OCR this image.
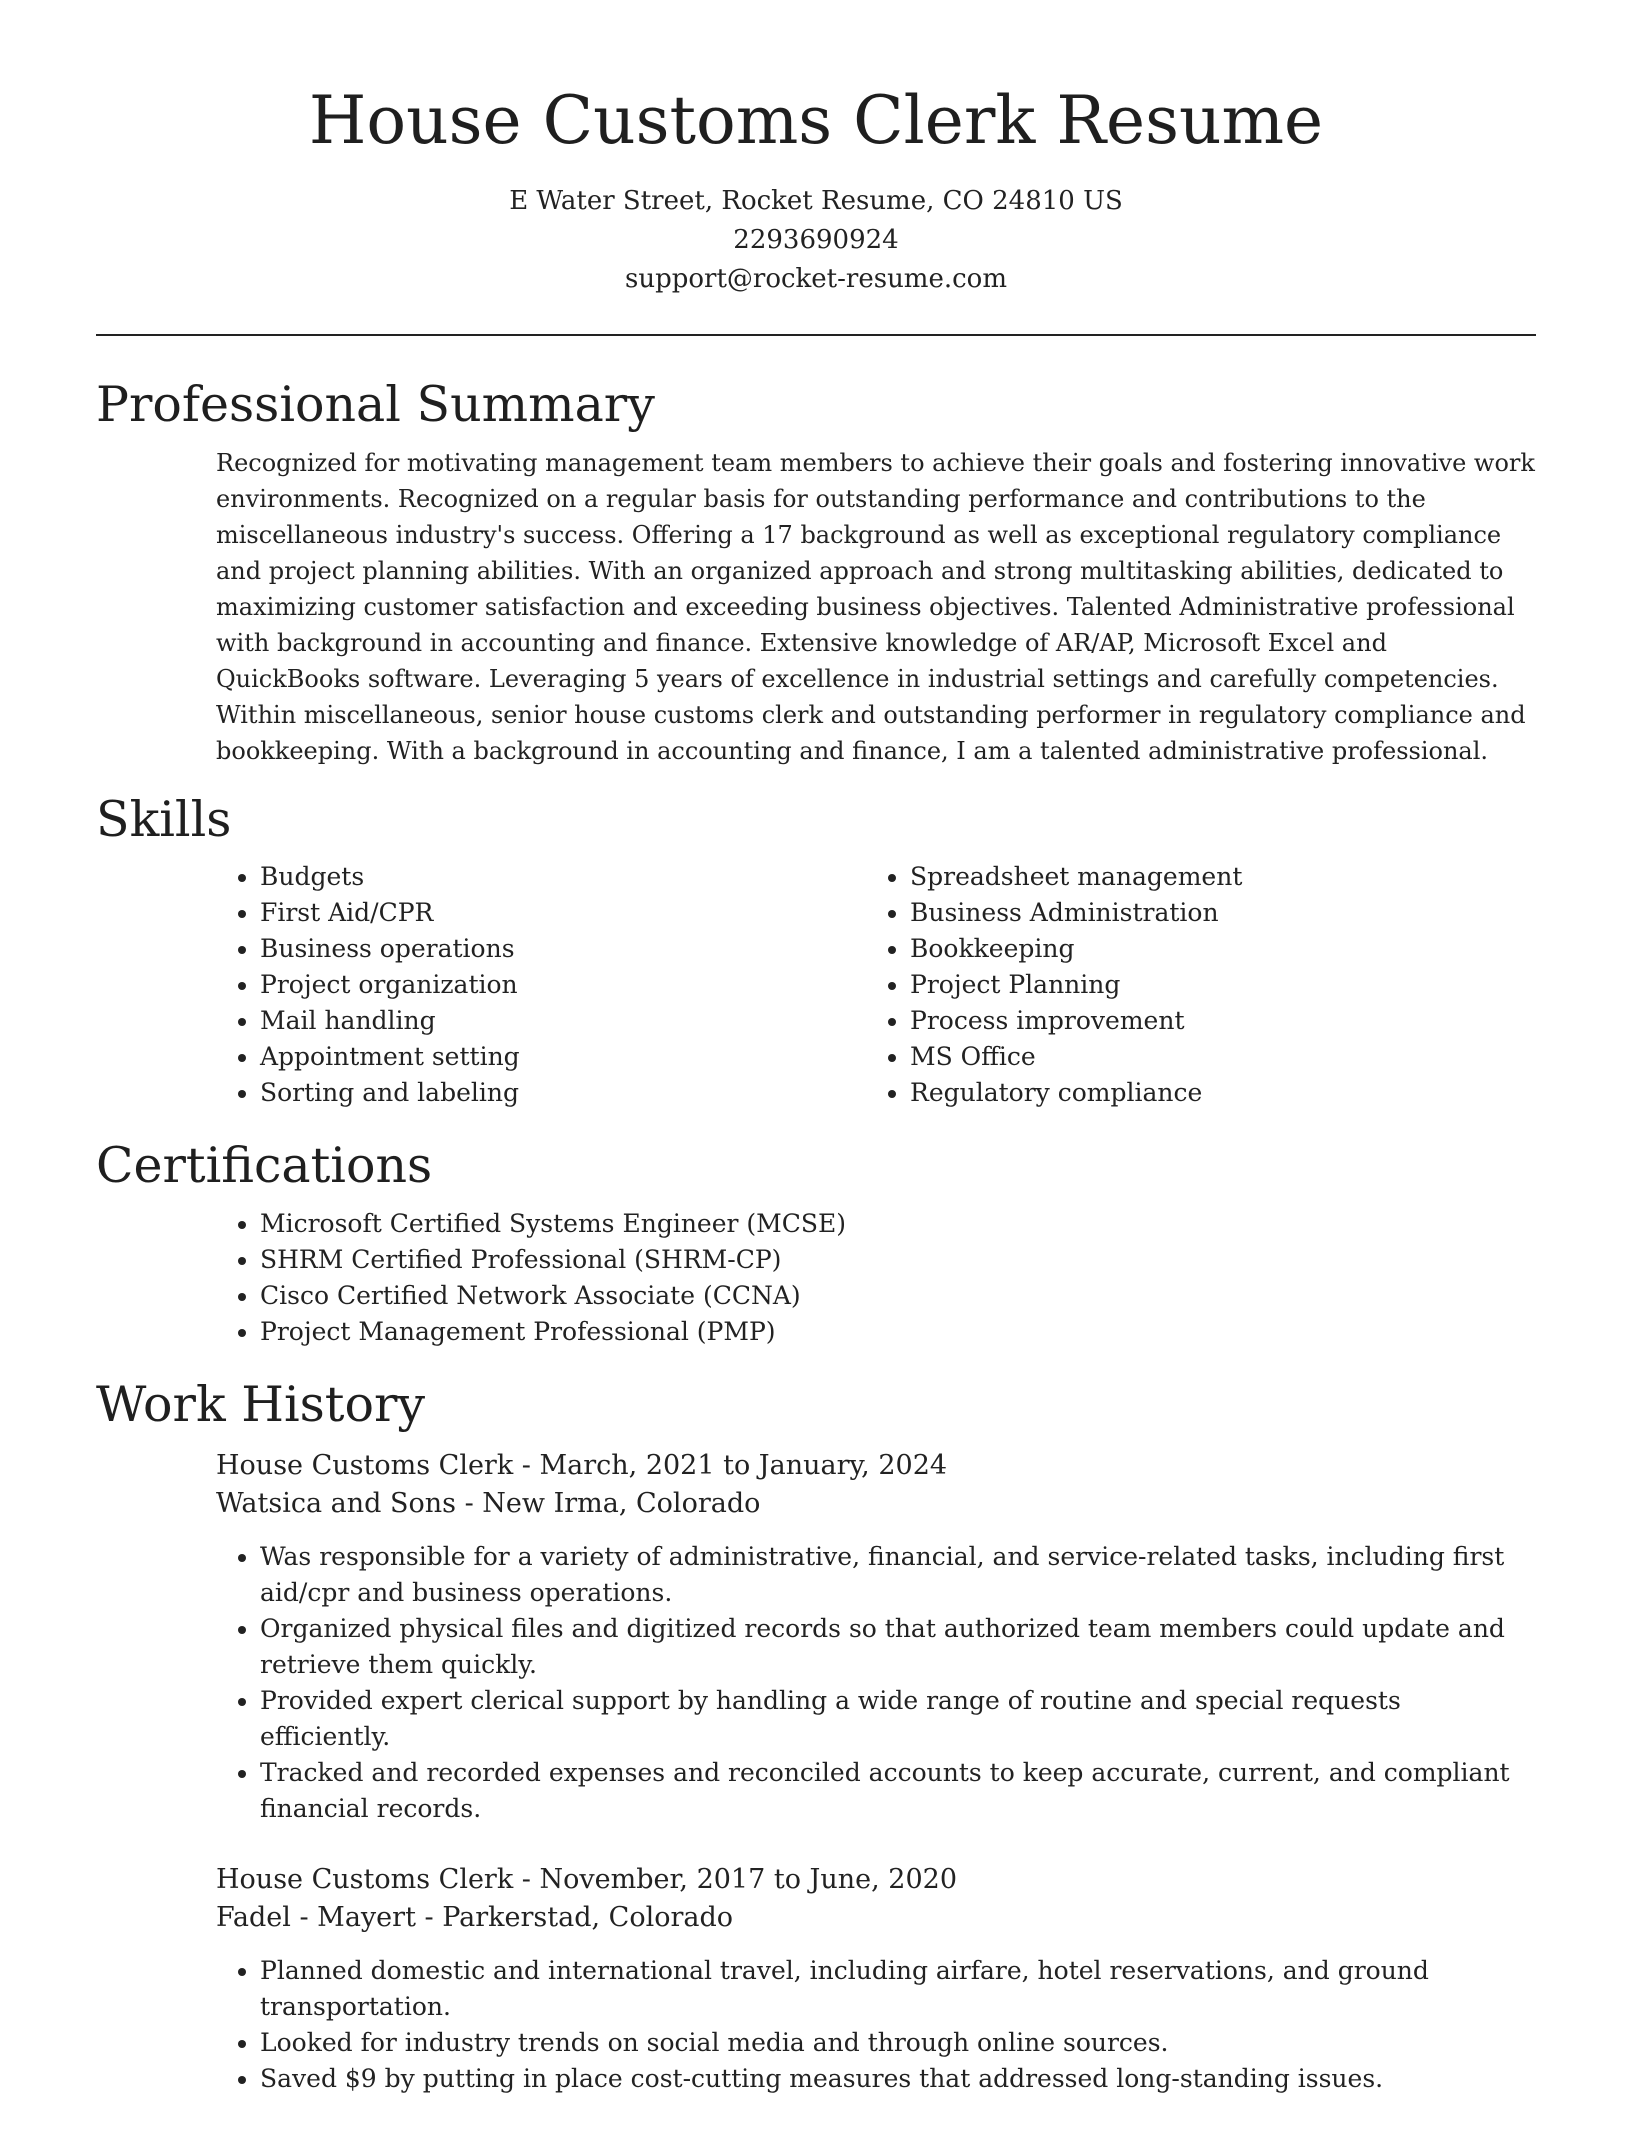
House Customs Clerk Resume
E Water Street, Rocket Resume, CO 24810 US
2293690924
support@rocket-resume.com
Professional Summary

Recognized for motivating management team members to achieve their goals and fostering innovative work environments. Recognized on a regular basis for outstanding performance and contributions to the miscellaneous industry's success. Offering a 17 background as well as exceptional regulatory compliance and project planning abilities. With an organized approach and strong multitasking abilities, dedicated to maximizing customer satisfaction and exceeding business objectives. Talented Administrative professional with background in accounting and finance. Extensive knowledge of AR/AP, Microsoft Excel and QuickBooks software. Leveraging 5 years of excellence in industrial settings and carefully competencies. Within miscellaneous, senior house customs clerk and outstanding performer in regulatory compliance and bookkeeping. With a background in accounting and finance, I am a talented administrative professional.

Skills
• Budgets
• First Aid/CPR
• Business operations
• Project organization
• Mail handling
• Appointment setting
• Sorting and labeling
• Spreadsheet management
• Business Administration
• Bookkeeping
• Project Planning
• Process improvement
• MS Office
• Regulatory compliance
Certifications
• Microsoft Certified Systems Engineer (MCSE)
• SHRM Certified Professional (SHRM-CP)
• Cisco Certified Network Associate (CCNA)
• Project Management Professional (PMP)
Work History
House Customs Clerk - March, 2021 to January, 2024
Watsica and Sons - New Irma, Colorado
• Was responsible for a variety of administrative, financial, and service-related tasks, including first aid/cpr and business operations.
• Organized physical files and digitized records so that authorized team members could update and retrieve them quickly.
• Provided expert clerical support by handling a wide range of routine and special requests efficiently.
• Tracked and recorded expenses and reconciled accounts to keep accurate, current, and compliant financial records.
House Customs Clerk - November, 2017 to June, 2020
Fadel - Mayert - Parkerstad, Colorado
• Planned domestic and international travel, including airfare, hotel reservations, and ground transportation.
• Looked for industry trends on social media and through online sources.
• Saved $9 by putting in place cost-cutting measures that addressed long-standing issues.
